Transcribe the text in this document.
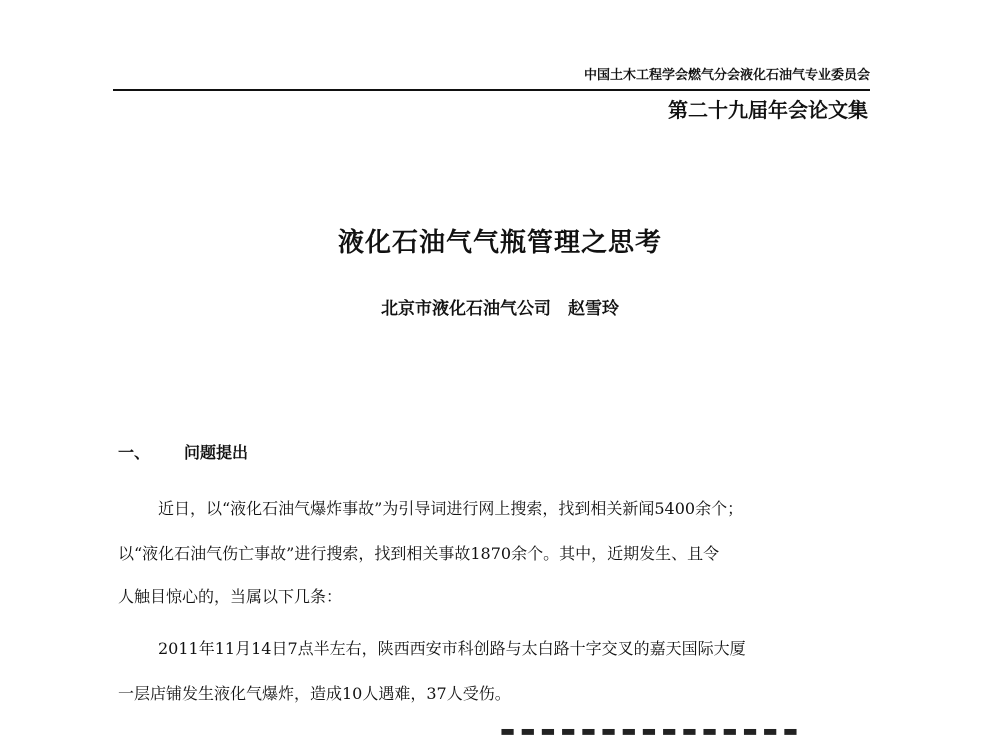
中国土木工程学会燃气分会液化石油气专业委员会
第二十九届年会论文集
液化石油气气瓶管理之思考
北京市液化石油气公司　赵雪玲
一、 问题提出
近日，以“液化石油气爆炸事故”为引导词进行网上搜索，找到相关新闻5400余个；
以“液化石油气伤亡事故”进行搜索，找到相关事故1870余个。其中，近期发生、且令
人触目惊心的，当属以下几条：
2011年11月14日7点半左右，陕西西安市科创路与太白路十字交叉的嘉天国际大厦
一层店铺发生液化气爆炸，造成10人遇难，37人受伤。
▬ ▬ ▬ ▬ ▬ ▬ ▬ ▬ ▬ ▬ ▬ ▬ ▬ ▬ ▬
